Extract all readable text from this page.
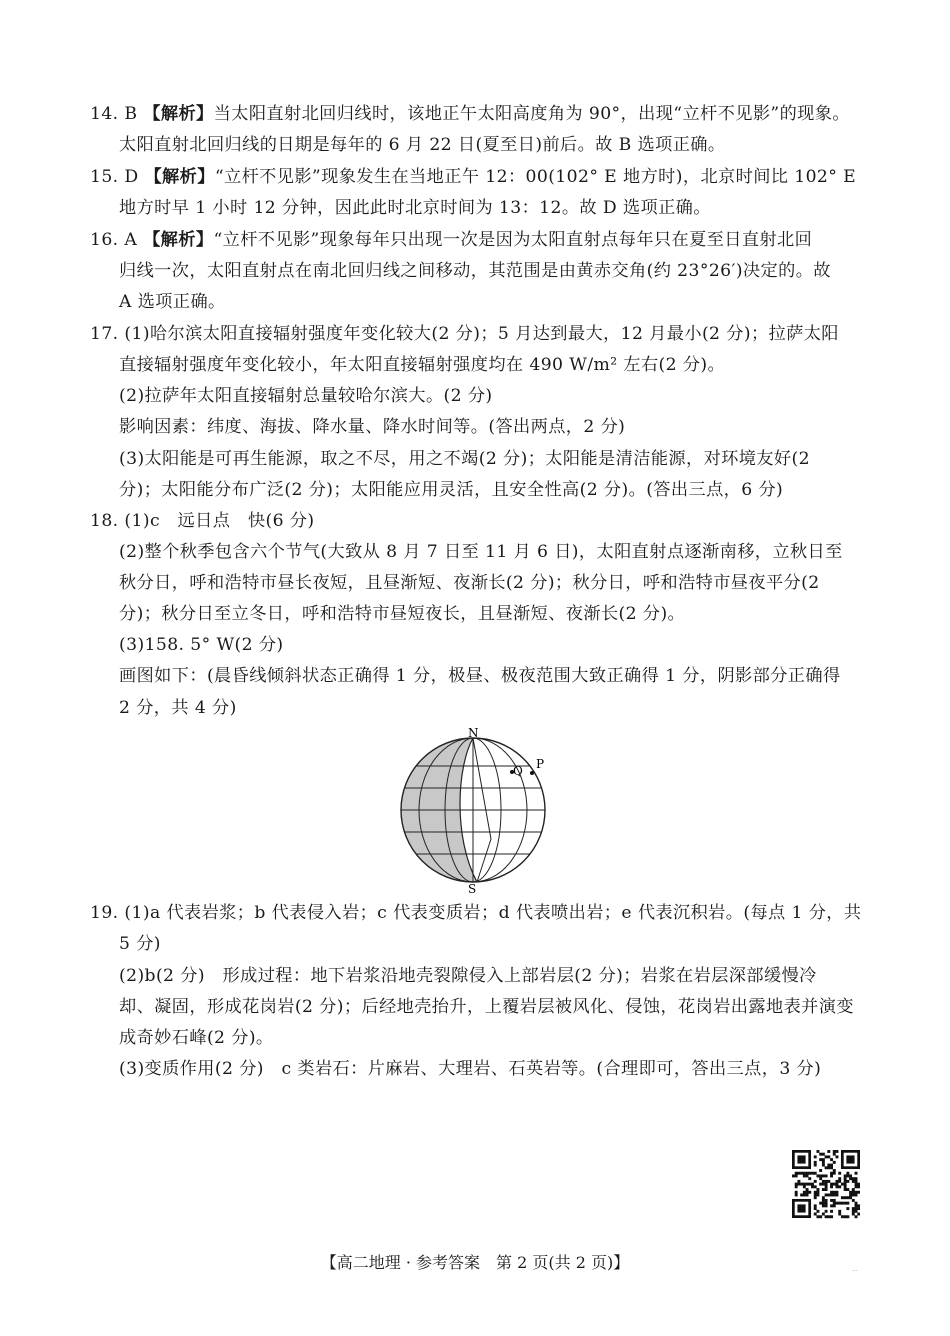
14. B 【解析】当太阳直射北回归线时，该地正午太阳高度角为 90°，出现“立杆不见影”的现象。
太阳直射北回归线的日期是每年的 6 月 22 日(夏至日)前后。故 B 选项正确。
15. D 【解析】“立杆不见影”现象发生在当地正午 12：00(102° E 地方时)，北京时间比 102° E
地方时早 1 小时 12 分钟，因此此时北京时间为 13：12。故 D 选项正确。
16. A 【解析】“立杆不见影”现象每年只出现一次是因为太阳直射点每年只在夏至日直射北回
归线一次，太阳直射点在南北回归线之间移动，其范围是由黄赤交角(约 23°26′)决定的。故
A 选项正确。
17. (1)哈尔滨太阳直接辐射强度年变化较大(2 分)；5 月达到最大，12 月最小(2 分)；拉萨太阳
直接辐射强度年变化较小，年太阳直接辐射强度均在 490 W/m² 左右(2 分)。
(2)拉萨年太阳直接辐射总量较哈尔滨大。(2 分)
影响因素：纬度、海拔、降水量、降水时间等。(答出两点，2 分)
(3)太阳能是可再生能源，取之不尽，用之不竭(2 分)；太阳能是清洁能源，对环境友好(2
分)；太阳能分布广泛(2 分)；太阳能应用灵活，且安全性高(2 分)。(答出三点，6 分)
18. (1)c　远日点　快(6 分)
(2)整个秋季包含六个节气(大致从 8 月 7 日至 11 月 6 日)，太阳直射点逐渐南移，立秋日至
秋分日，呼和浩特市昼长夜短，且昼渐短、夜渐长(2 分)；秋分日，呼和浩特市昼夜平分(2
分)；秋分日至立冬日，呼和浩特市昼短夜长，且昼渐短、夜渐长(2 分)。
(3)158. 5° W(2 分)
画图如下：(晨昏线倾斜状态正确得 1 分，极昼、极夜范围大致正确得 1 分，阴影部分正确得
2 分，共 4 分)
N
S
Q P
19. (1)a 代表岩浆；b 代表侵入岩；c 代表变质岩；d 代表喷出岩；e 代表沉积岩。(每点 1 分，共
5 分)
(2)b(2 分)　形成过程：地下岩浆沿地壳裂隙侵入上部岩层(2 分)；岩浆在岩层深部缓慢冷
却、凝固，形成花岗岩(2 分)；后经地壳抬升，上覆岩层被风化、侵蚀，花岗岩出露地表并演变
成奇妙石峰(2 分)。
(3)变质作用(2 分)　c 类岩石：片麻岩、大理岩、石英岩等。(合理即可，答出三点，3 分)
【高二地理 · 参考答案　第 2 页(共 2 页)】	...
